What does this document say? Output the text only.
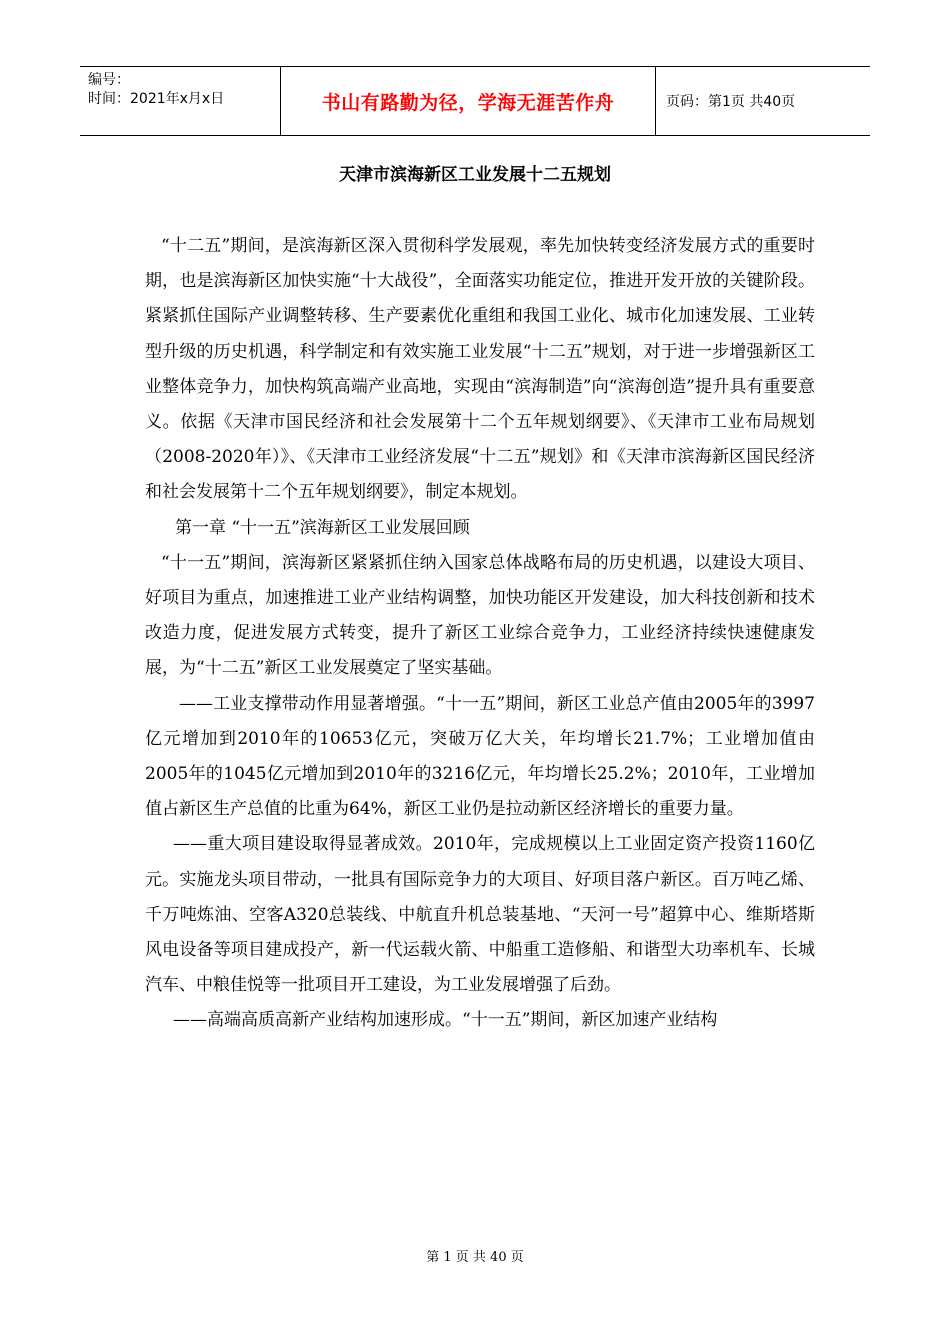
编号：
时间：2021年x月x日	书山有路勤为径，学海无涯苦作舟	页码：第1页 共40页
天津市滨海新区工业发展十二五规划

“十二五”期间，是滨海新区深入贯彻科学发展观，率先加快转变经济发展方式的重要时期，也是滨海新区加快实施“十大战役”，全面落实功能定位，推进开发开放的关键阶段。紧紧抓住国际产业调整转移、生产要素优化重组和我国工业化、城市化加速发展、工业转型升级的历史机遇，科学制定和有效实施工业发展“十二五”规划，对于进一步增强新区工业整体竞争力，加快构筑高端产业高地，实现由“滨海制造”向“滨海创造”提升具有重要意义。依据《天津市国民经济和社会发展第十二个五年规划纲要》、《天津市工业布局规划（2008-2020年）》、《天津市工业经济发展“十二五”规划》和《天津市滨海新区国民经济和社会发展第十二个五年规划纲要》，制定本规划。

第一章 “十一五”滨海新区工业发展回顾

“十一五”期间，滨海新区紧紧抓住纳入国家总体战略布局的历史机遇，以建设大项目、好项目为重点，加速推进工业产业结构调整，加快功能区开发建设，加大科技创新和技术改造力度，促进发展方式转变，提升了新区工业综合竞争力，工业经济持续快速健康发展，为“十二五”新区工业发展奠定了坚实基础。

——工业支撑带动作用显著增强。“十一五”期间，新区工业总产值由2005年的3997亿元增加到2010年的10653亿元，突破万亿大关，年均增长21.7%；工业增加值由2005年的1045亿元增加到2010年的3216亿元，年均增长25.2%；2010年，工业增加值占新区生产总值的比重为64%，新区工业仍是拉动新区经济增长的重要力量。

——重大项目建设取得显著成效。2010年，完成规模以上工业固定资产投资1160亿元。实施龙头项目带动，一批具有国际竞争力的大项目、好项目落户新区。百万吨乙烯、千万吨炼油、空客A320总装线、中航直升机总装基地、“天河一号”超算中心、维斯塔斯风电设备等项目建成投产，新一代运载火箭、中船重工造修船、和谐型大功率机车、长城汽车、中粮佳悦等一批项目开工建设，为工业发展增强了后劲。

——高端高质高新产业结构加速形成。“十一五”期间，新区加速产业结构

第 1 页 共 40 页
